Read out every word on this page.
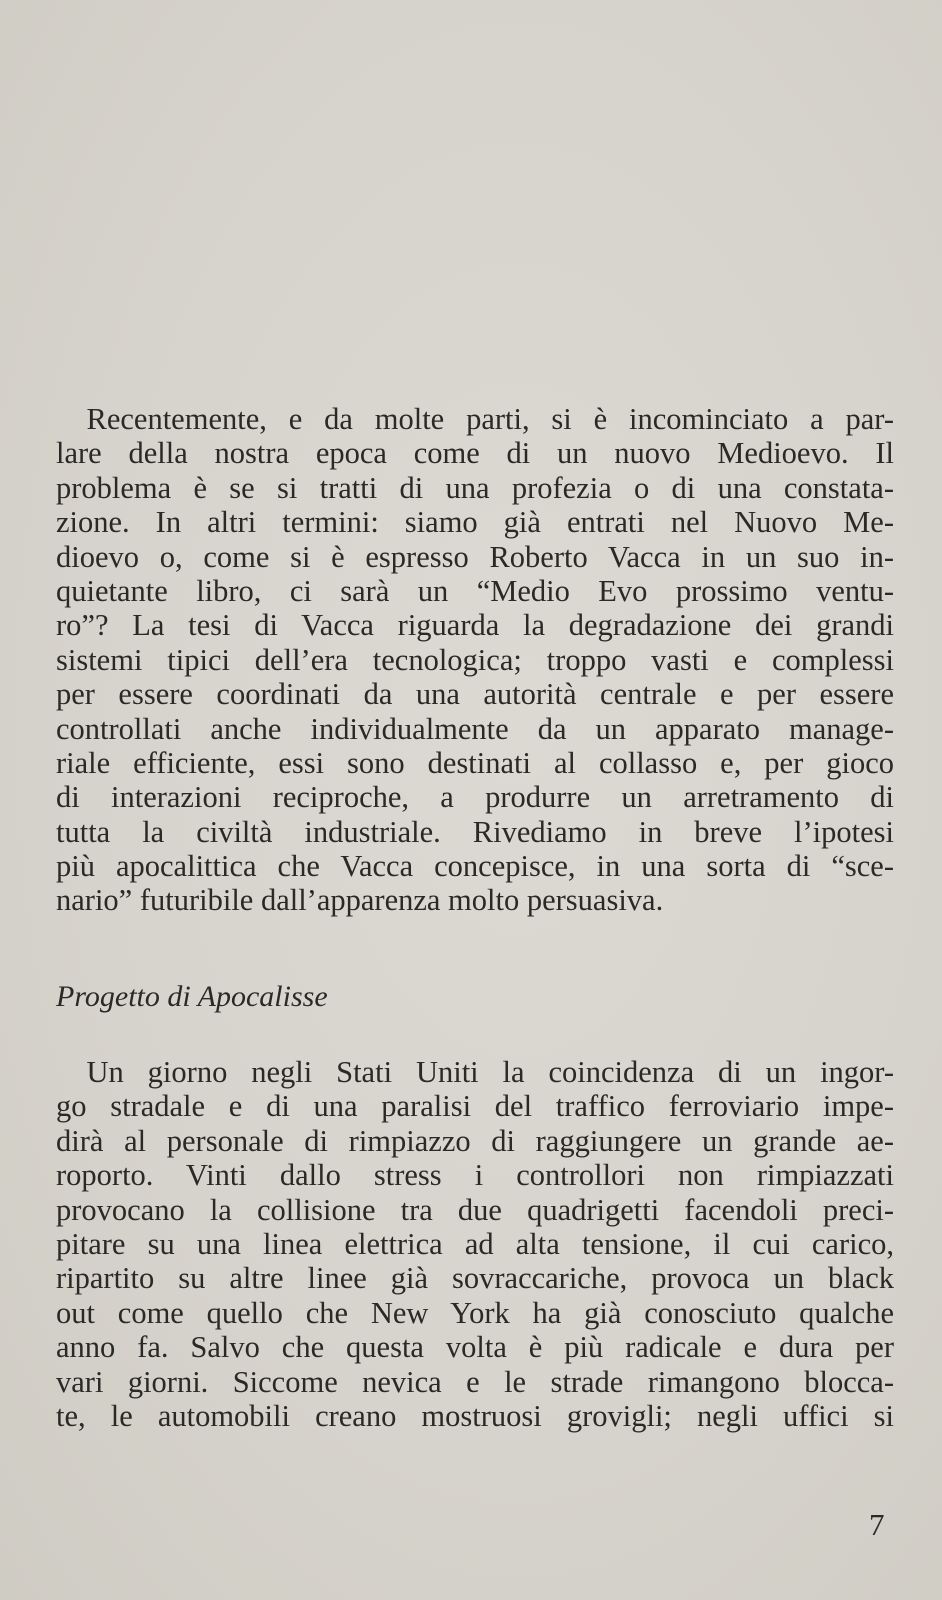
 Recentemente, e da molte parti, si è incominciato a par-
lare della nostra epoca come di un nuovo Medioevo. Il
problema è se si tratti di una profezia o di una constata-
zione. In altri termini: siamo già entrati nel Nuovo Me-
dioevo o, come si è espresso Roberto Vacca in un suo in-
quietante libro, ci sarà un “Medio Evo prossimo ventu-
ro”? La tesi di Vacca riguarda la degradazione dei grandi
sistemi tipici dell’era tecnologica; troppo vasti e complessi
per essere coordinati da una autorità centrale e per essere
controllati anche individualmente da un apparato manage-
riale efficiente, essi sono destinati al collasso e, per gioco
di interazioni reciproche, a produrre un arretramento di
tutta la civiltà industriale. Rivediamo in breve l’ipotesi
più apocalittica che Vacca concepisce, in una sorta di “sce-
nario” futuribile dall’apparenza molto persuasiva.
Progetto di Apocalisse
 Un giorno negli Stati Uniti la coincidenza di un ingor-
go stradale e di una paralisi del traffico ferroviario impe-
dirà al personale di rimpiazzo di raggiungere un grande ae-
roporto. Vinti dallo stress i controllori non rimpiazzati
provocano la collisione tra due quadrigetti facendoli preci-
pitare su una linea elettrica ad alta tensione, il cui carico,
ripartito su altre linee già sovraccariche, provoca un black
out come quello che New York ha già conosciuto qualche
anno fa. Salvo che questa volta è più radicale e dura per
vari giorni. Siccome nevica e le strade rimangono blocca-
te, le automobili creano mostruosi grovigli; negli uffici si
7
